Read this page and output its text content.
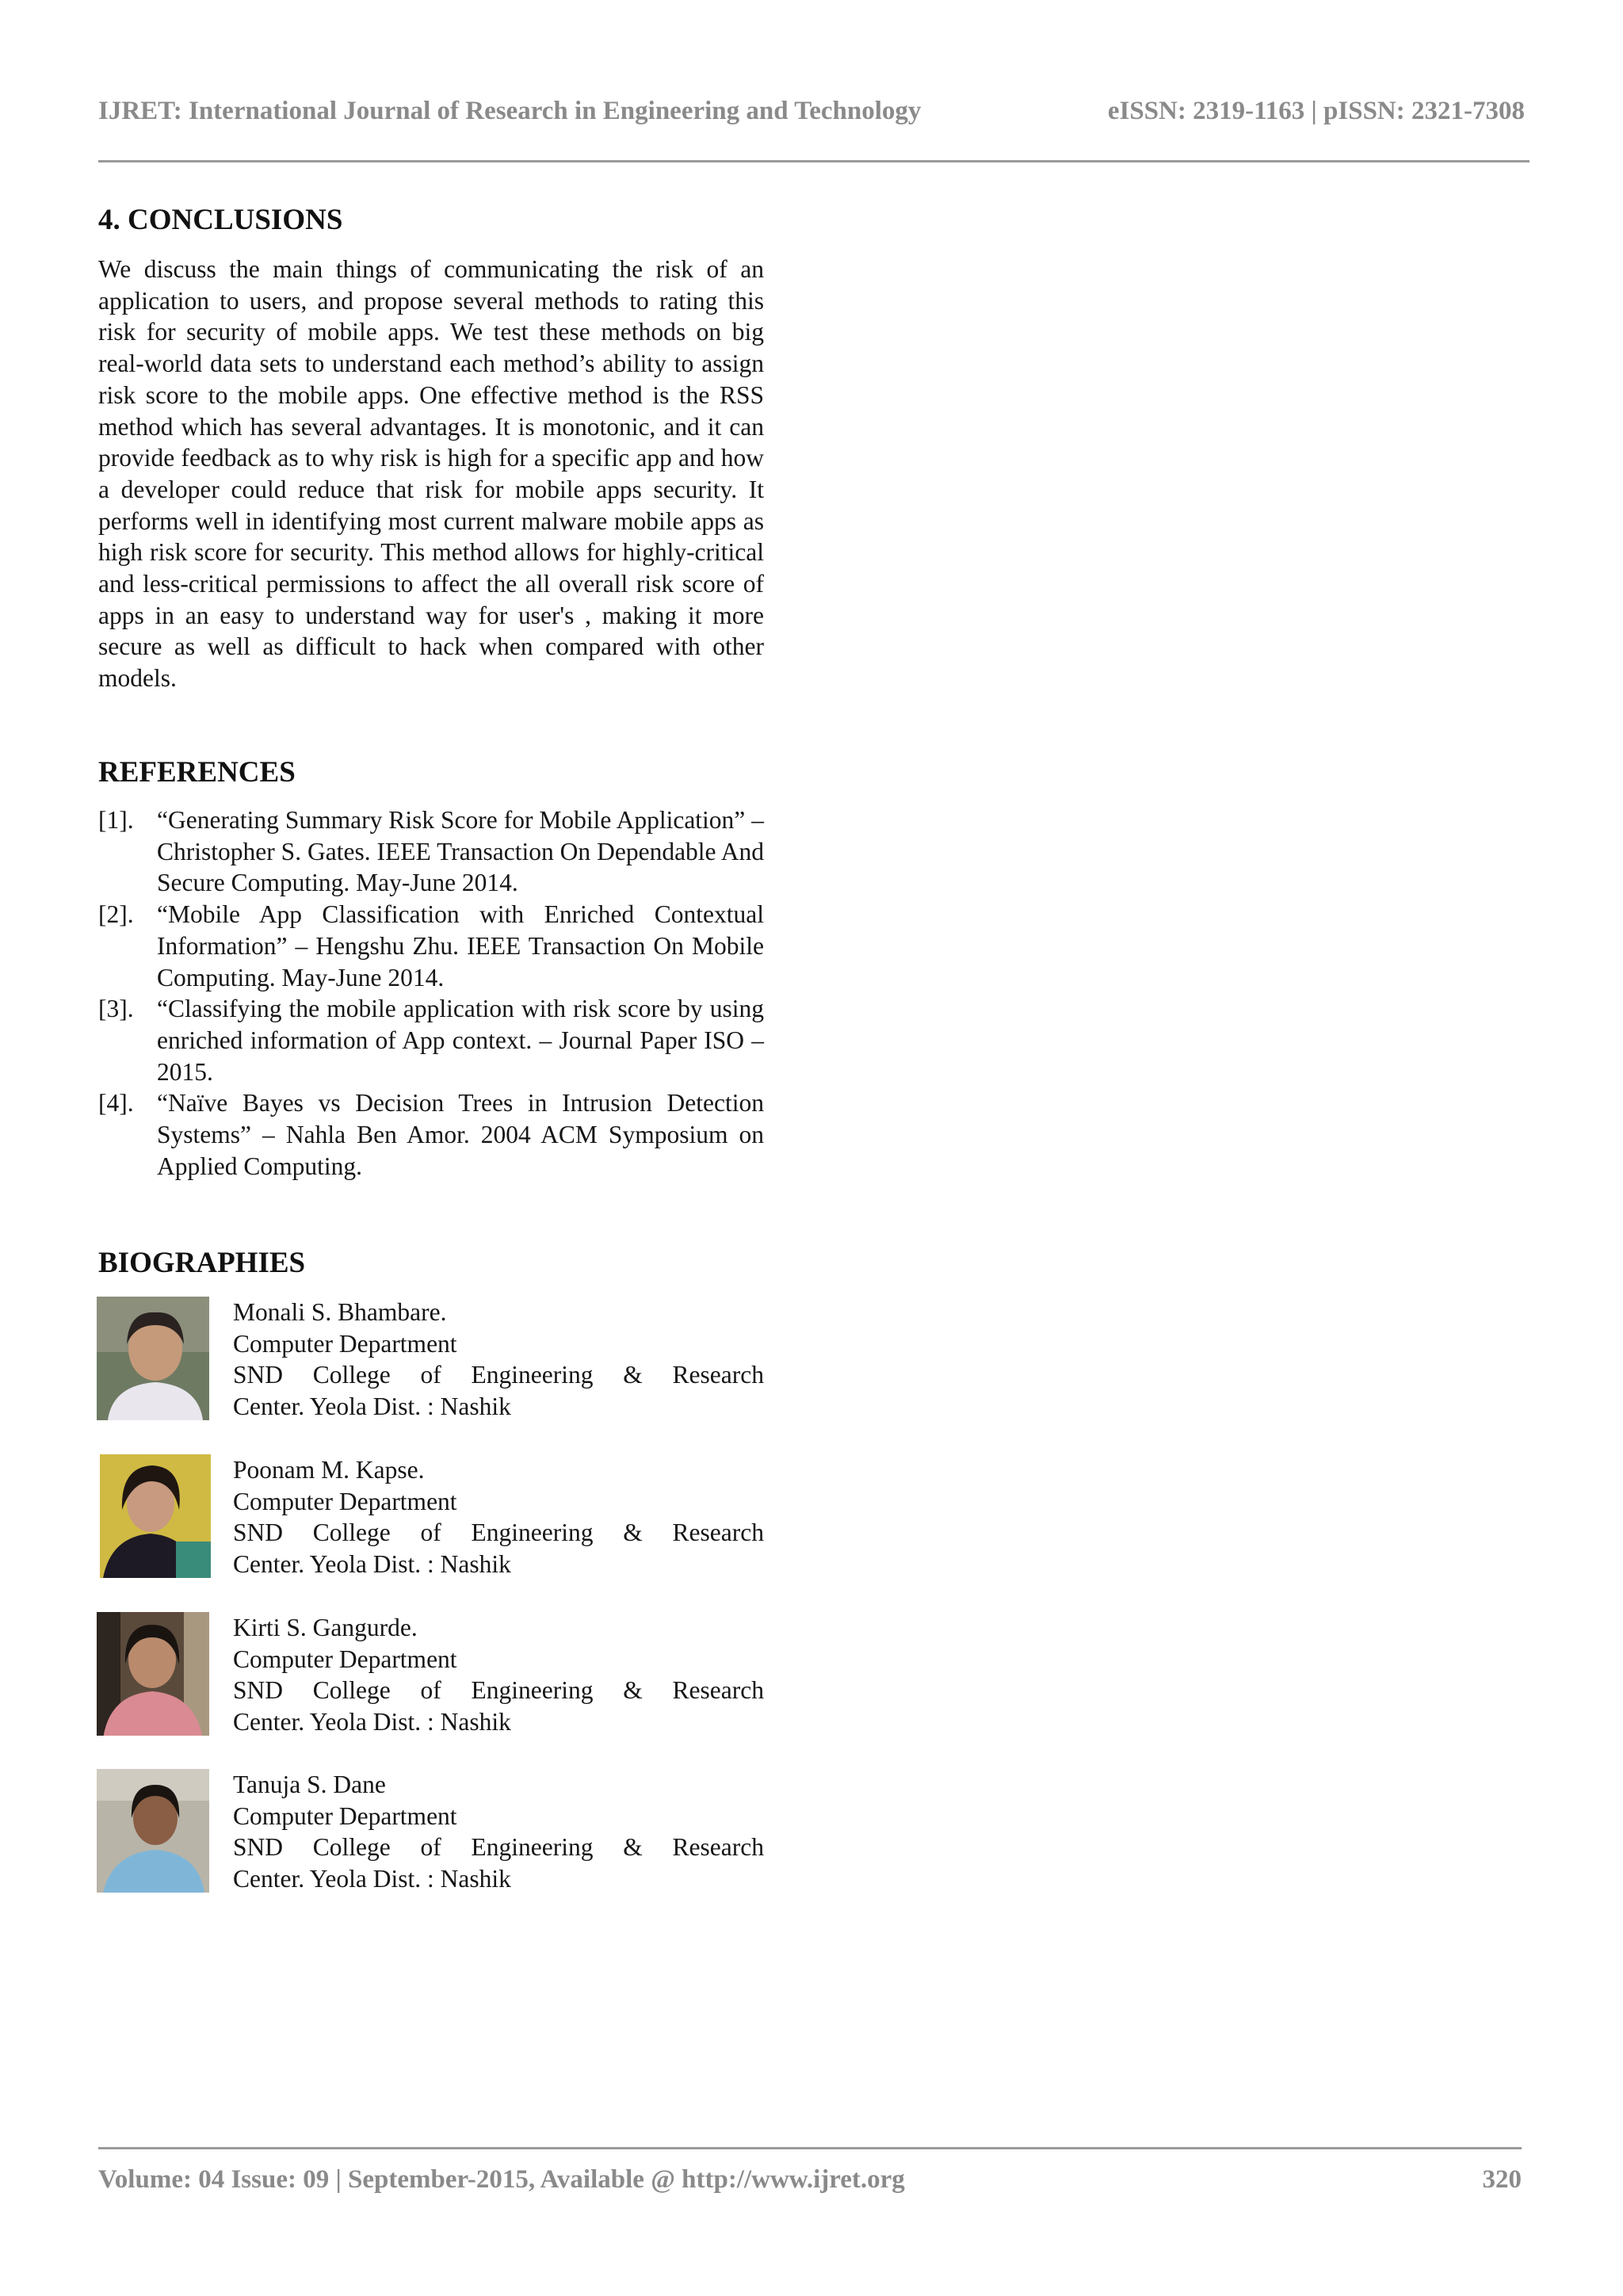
IJRET: International Journal of Research in Engineering and Technology	eISSN: 2319-1163 | pISSN: 2321-7308
4. CONCLUSIONS
We discuss the main things of communicating the risk of an application to users, and propose several methods to rating this risk for security of mobile apps. We test these methods on big real-world data sets to understand each method’s ability to assign risk score to the mobile apps. One effective method is the RSS method which has several advantages. It is monotonic, and it can provide feedback as to why risk is high for a specific app and how a developer could reduce that risk for mobile apps security. It performs well in identifying most current malware mobile apps as high risk score for security. This method allows for highly-critical and less-critical permissions to affect the all overall risk score of apps in an easy to understand way for user's , making it more secure as well as difficult to hack when compared with other models.
REFERENCES
[1]. “Generating Summary Risk Score for Mobile Application” – Christopher S. Gates. IEEE Transaction On Dependable And Secure Computing. May-June 2014.
[2]. “Mobile App Classification with Enriched Contextual Information” – Hengshu Zhu. IEEE Transaction On Mobile Computing. May-June 2014.
[3]. “Classifying the mobile application with risk score by using enriched information of App context. – Journal Paper ISO – 2015.
[4]. “Naïve Bayes vs Decision Trees in Intrusion Detection Systems” – Nahla Ben Amor. 2004 ACM Symposium on Applied Computing.
BIOGRAPHIES
Monali S. Bhambare.
Computer Department
SND College of Engineering & Research
Center. Yeola Dist. : Nashik
Poonam M. Kapse.
Computer Department
SND College of Engineering & Research
Center. Yeola Dist. : Nashik
Kirti S. Gangurde.
Computer Department
SND College of Engineering & Research
Center. Yeola Dist. : Nashik
Tanuja S. Dane
Computer Department
SND College of Engineering & Research
Center. Yeola Dist. : Nashik
Volume: 04 Issue: 09 | September-2015, Available @ http://www.ijret.org	320
